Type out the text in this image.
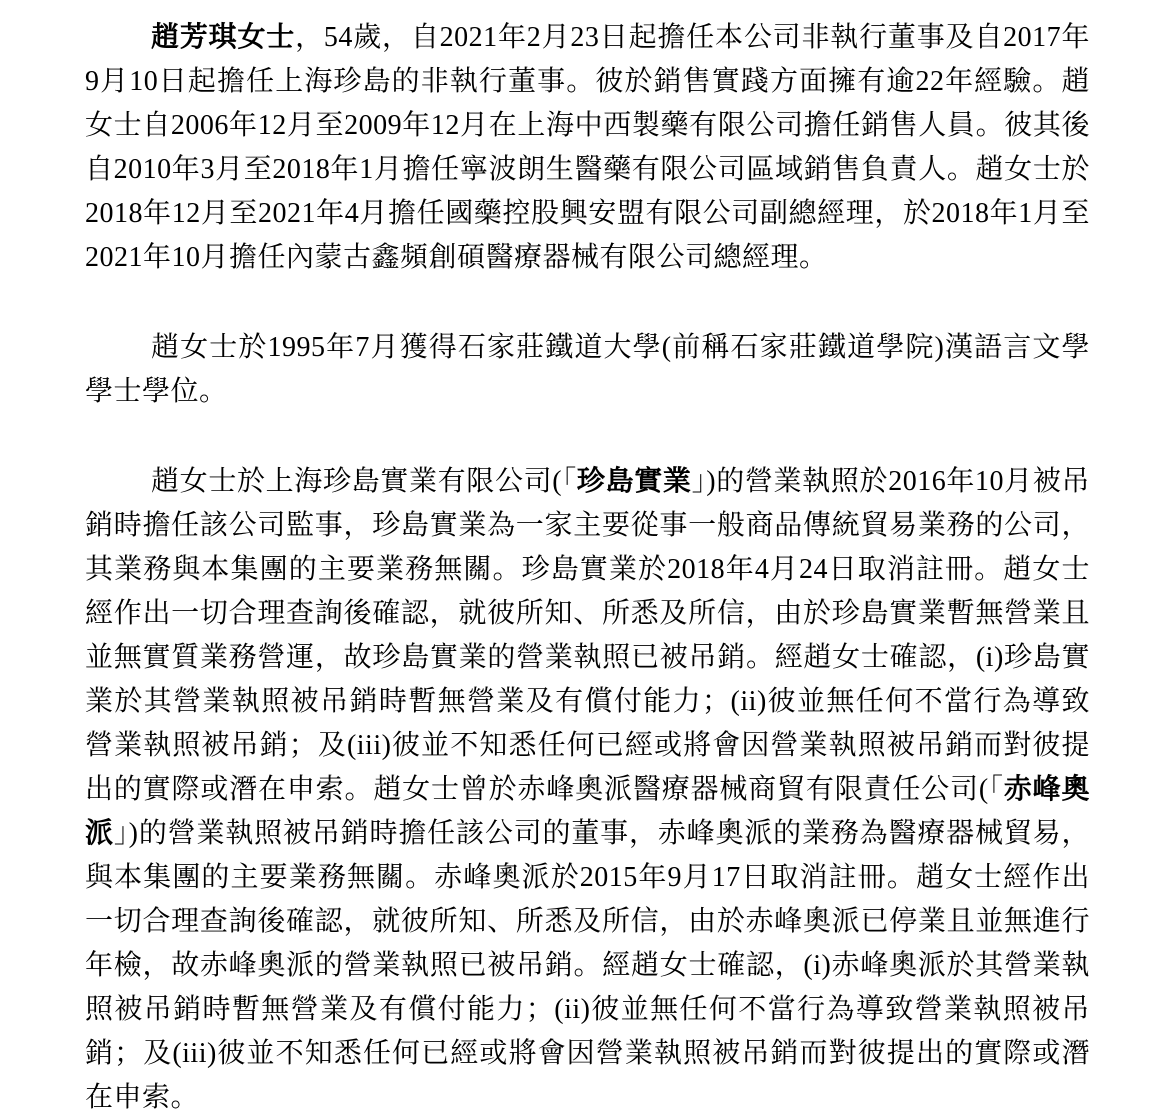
趙芳琪女士，54歲，自2021年2月23日起擔任本公司非執行董事及自2017年9月10日起擔任上海珍島的非執行董事。彼於銷售實踐方面擁有逾22年經驗。趙女士自2006年12月至2009年12月在上海中西製藥有限公司擔任銷售人員。彼其後自2010年3月至2018年1月擔任寧波朗生醫藥有限公司區域銷售負責人。趙女士於2018年12月至2021年4月擔任國藥控股興安盟有限公司副總經理，於2018年1月至2021年10月擔任內蒙古鑫頻創碩醫療器械有限公司總經理。

趙女士於1995年7月獲得石家莊鐵道大學(前稱石家莊鐵道學院)漢語言文學學士學位。

趙女士於上海珍島實業有限公司(「珍島實業」)的營業執照於2016年10月被吊銷時擔任該公司監事，珍島實業為一家主要從事一般商品傳統貿易業務的公司，其業務與本集團的主要業務無關。珍島實業於2018年4月24日取消註冊。趙女士經作出一切合理查詢後確認，就彼所知、所悉及所信，由於珍島實業暫無營業且並無實質業務營運，故珍島實業的營業執照已被吊銷。經趙女士確認，(i)珍島實業於其營業執照被吊銷時暫無營業及有償付能力；(ii)彼並無任何不當行為導致營業執照被吊銷；及(iii)彼並不知悉任何已經或將會因營業執照被吊銷而對彼提出的實際或潛在申索。趙女士曾於赤峰奧派醫療器械商貿有限責任公司(「赤峰奧派」)的營業執照被吊銷時擔任該公司的董事，赤峰奧派的業務為醫療器械貿易，與本集團的主要業務無關。赤峰奧派於2015年9月17日取消註冊。趙女士經作出一切合理查詢後確認，就彼所知、所悉及所信，由於赤峰奧派已停業且並無進行年檢，故赤峰奧派的營業執照已被吊銷。經趙女士確認，(i)赤峰奧派於其營業執照被吊銷時暫無營業及有償付能力；(ii)彼並無任何不當行為導致營業執照被吊銷；及(iii)彼並不知悉任何已經或將會因營業執照被吊銷而對彼提出的實際或潛在申索。
